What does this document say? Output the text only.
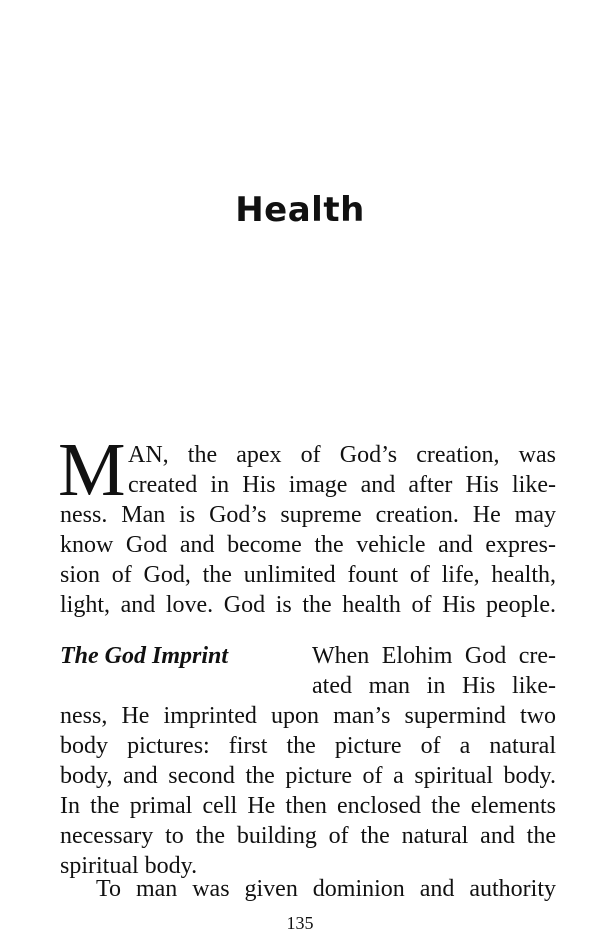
Health
M AN, the apex of God’s creation, was
created in His image and after His like-
ness. Man is God’s supreme creation. He may
know God and become the vehicle and expres-
sion of God, the unlimited fount of life, health,
light, and love. God is the health of His people.
The God Imprint	When Elohim God cre-
ated man in His like-
ness, He imprinted upon man’s supermind two
body pictures: first the picture of a natural
body, and second the picture of a spiritual body.
In the primal cell He then enclosed the elements
necessary to the building of the natural and the
spiritual body.
To man was given dominion and authority
135
